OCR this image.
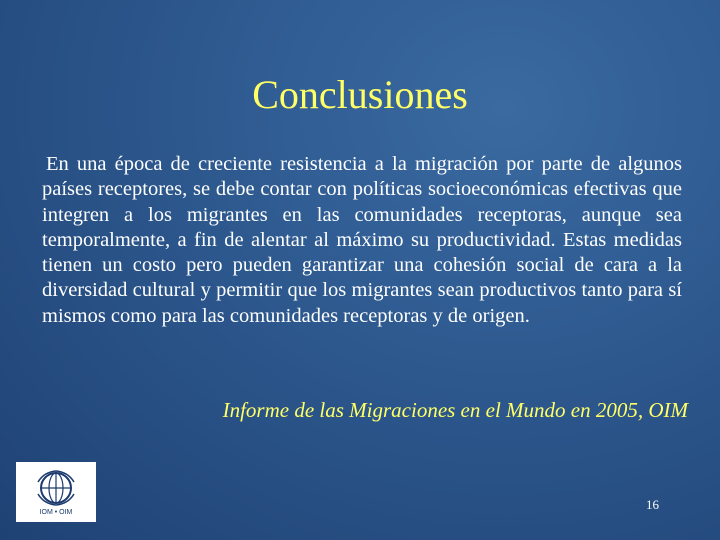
Conclusiones
En una época de creciente resistencia a la migración por parte de algunos países receptores, se debe contar con políticas socioeconómicas efectivas que integren a los migrantes en las comunidades receptoras, aunque sea temporalmente, a fin de alentar al máximo su productividad. Estas medidas tienen un costo pero pueden garantizar una cohesión social de cara a la diversidad cultural y permitir que los migrantes sean productivos tanto para sí mismos como para las comunidades receptoras y de origen.
Informe de las Migraciones en el Mundo en 2005, OIM
IOM • OIM
16
